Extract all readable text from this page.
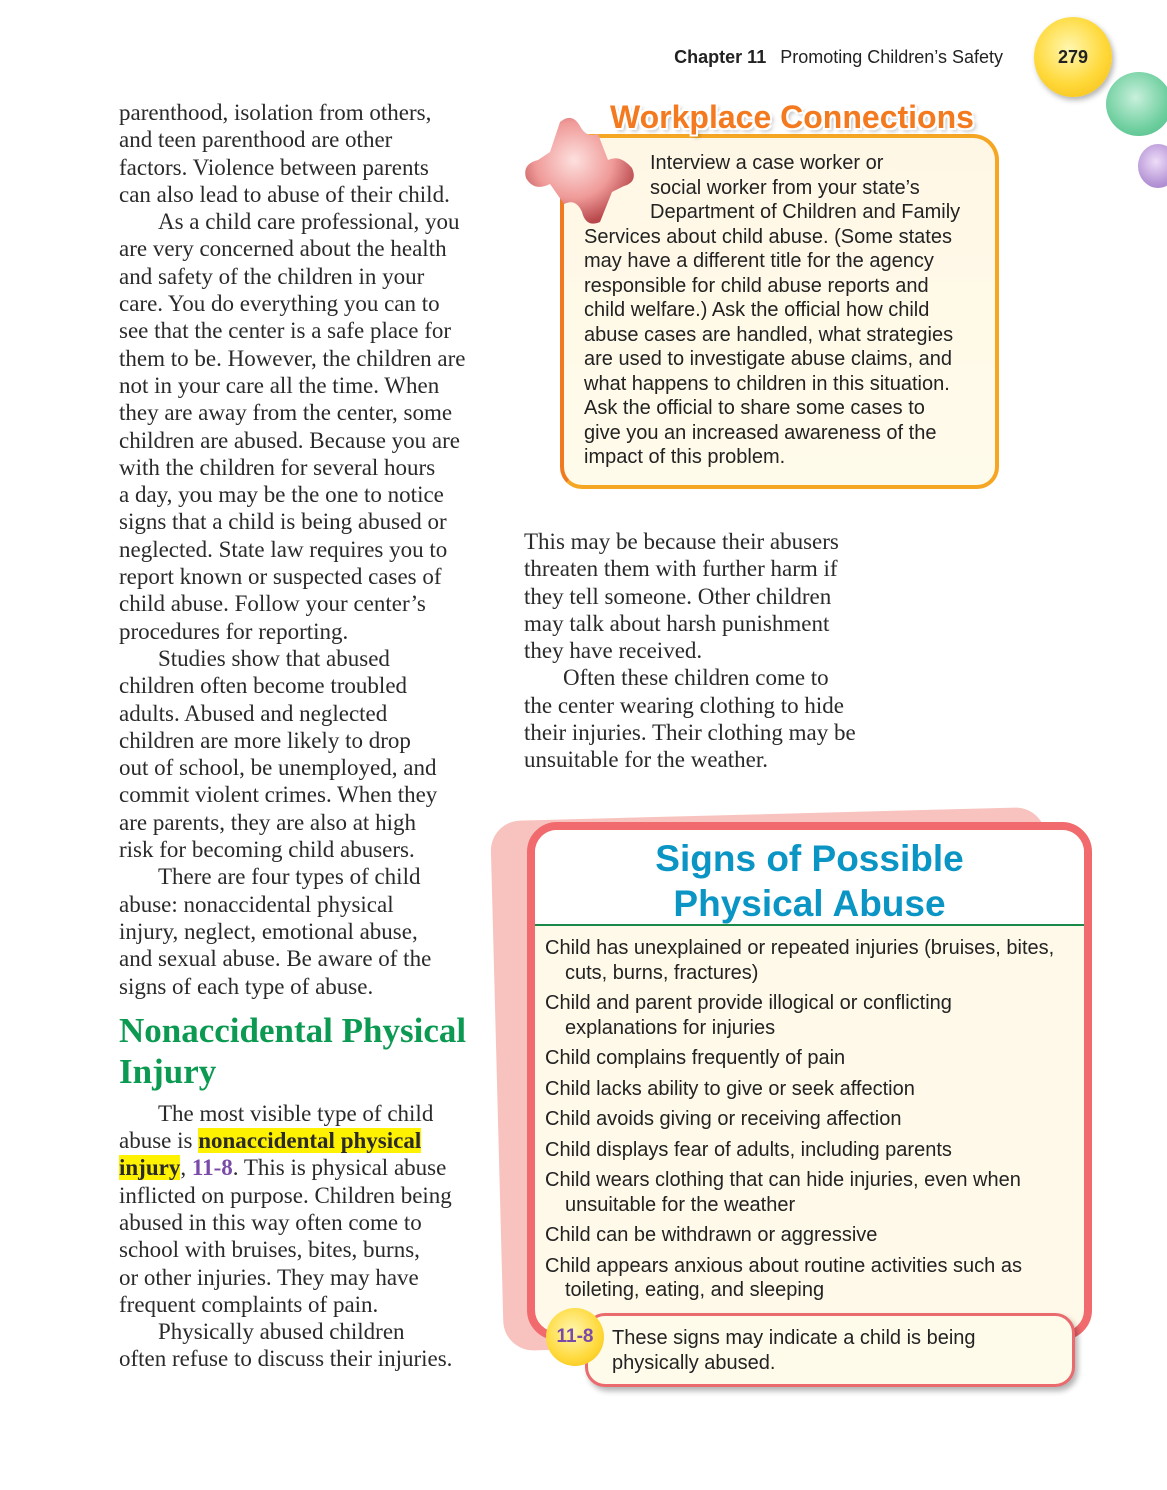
Chapter 11 Promoting Children’s Safety	279
parenthood, isolation from others,
and teen parenthood are other
factors. Violence between parents
can also lead to abuse of their child.
As a child care professional, you
are very concerned about the health
and safety of the children in your
care. You do everything you can to
see that the center is a safe place for
them to be. However, the children are
not in your care all the time. When
they are away from the center, some
children are abused. Because you are
with the children for several hours
a day, you may be the one to notice
signs that a child is being abused or
neglected. State law requires you to
report known or suspected cases of
child abuse. Follow your center’s
procedures for reporting.
Studies show that abused
children often become troubled
adults. Abused and neglected
children are more likely to drop
out of school, be unemployed, and
commit violent crimes. When they
are parents, they are also at high
risk for becoming child abusers.
There are four types of child
abuse: nonaccidental physical
injury, neglect, emotional abuse,
and sexual abuse. Be aware of the
signs of each type of abuse.
Nonaccidental Physical
Injury
The most visible type of child
abuse is nonaccidental physical
injury, 11-8. This is physical abuse
inflicted on purpose. Children being
abused in this way often come to
school with bruises, bites, burns,
or other injuries. They may have
frequent complaints of pain.
Physically abused children
often refuse to discuss their injuries.
This may be because their abusers
threaten them with further harm if
they tell someone. Other children
may talk about harsh punishment
they have received.
Often these children come to
the center wearing clothing to hide
their injuries. Their clothing may be
unsuitable for the weather.
Workplace Connections
Interview a case worker or
social worker from your state’s
Department of Children and Family
Services about child abuse. (Some states
may have a different title for the agency
responsible for child abuse reports and
child welfare.) Ask the official how child
abuse cases are handled, what strategies
are used to investigate abuse claims, and
what happens to children in this situation.
Ask the official to share some cases to
give you an increased awareness of the
impact of this problem.
Signs of Possible
Physical Abuse
Child has unexplained or repeated injuries (bruises, bites,
cuts, burns, fractures)
Child and parent provide illogical or conflicting
explanations for injuries
Child complains frequently of pain
Child lacks ability to give or seek affection
Child avoids giving or receiving affection
Child displays fear of adults, including parents
Child wears clothing that can hide injuries, even when
unsuitable for the weather
Child can be withdrawn or aggressive
Child appears anxious about routine activities such as
toileting, eating, and sleeping
These signs may indicate a child is being
physically abused.
11-8
